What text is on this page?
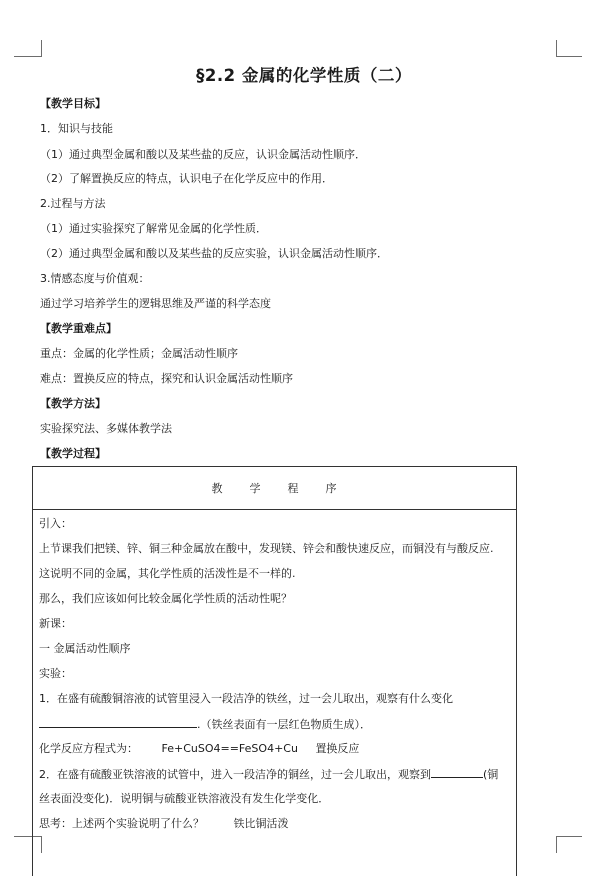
§2.2 金属的化学性质（二）
【教学目标】
1．知识与技能
（1）通过典型金属和酸以及某些盐的反应，认识金属活动性顺序．
（2）了解置换反应的特点，认识电子在化学反应中的作用．
2.过程与方法
（1）通过实验探究了解常见金属的化学性质．
（2）通过典型金属和酸以及某些盐的反应实验，认识金属活动性顺序．
3.情感态度与价值观：
通过学习培养学生的逻辑思维及严谨的科学态度
【教学重难点】
重点：金属的化学性质；金属活动性顺序
难点：置换反应的特点，探究和认识金属活动性顺序
【教学方法】
实验探究法、多媒体教学法
【教学过程】
教 学 程 序
引入：
上节课我们把镁、锌、铜三种金属放在酸中，发现镁、锌会和酸快速反应，而铜没有与酸反应.
这说明不同的金属，其化学性质的活泼性是不一样的.
那么，我们应该如何比较金属化学性质的活动性呢？
新课：
一 金属活动性顺序
实验：
1．在盛有硫酸铜溶液的试管里浸入一段洁净的铁丝，过一会儿取出，观察有什么变化
.（铁丝表面有一层红色物质生成）．
化学反应方程式为： Fe+CuSO4==FeSO4+Cu 置换反应
2．在盛有硫酸亚铁溶液的试管中，进入一段洁净的铜丝，过一会儿取出，观察到	(铜
丝表面没变化)．说明铜与硫酸亚铁溶液没有发生化学变化．
思考：上述两个实验说明了什么？	铁比铜活泼
